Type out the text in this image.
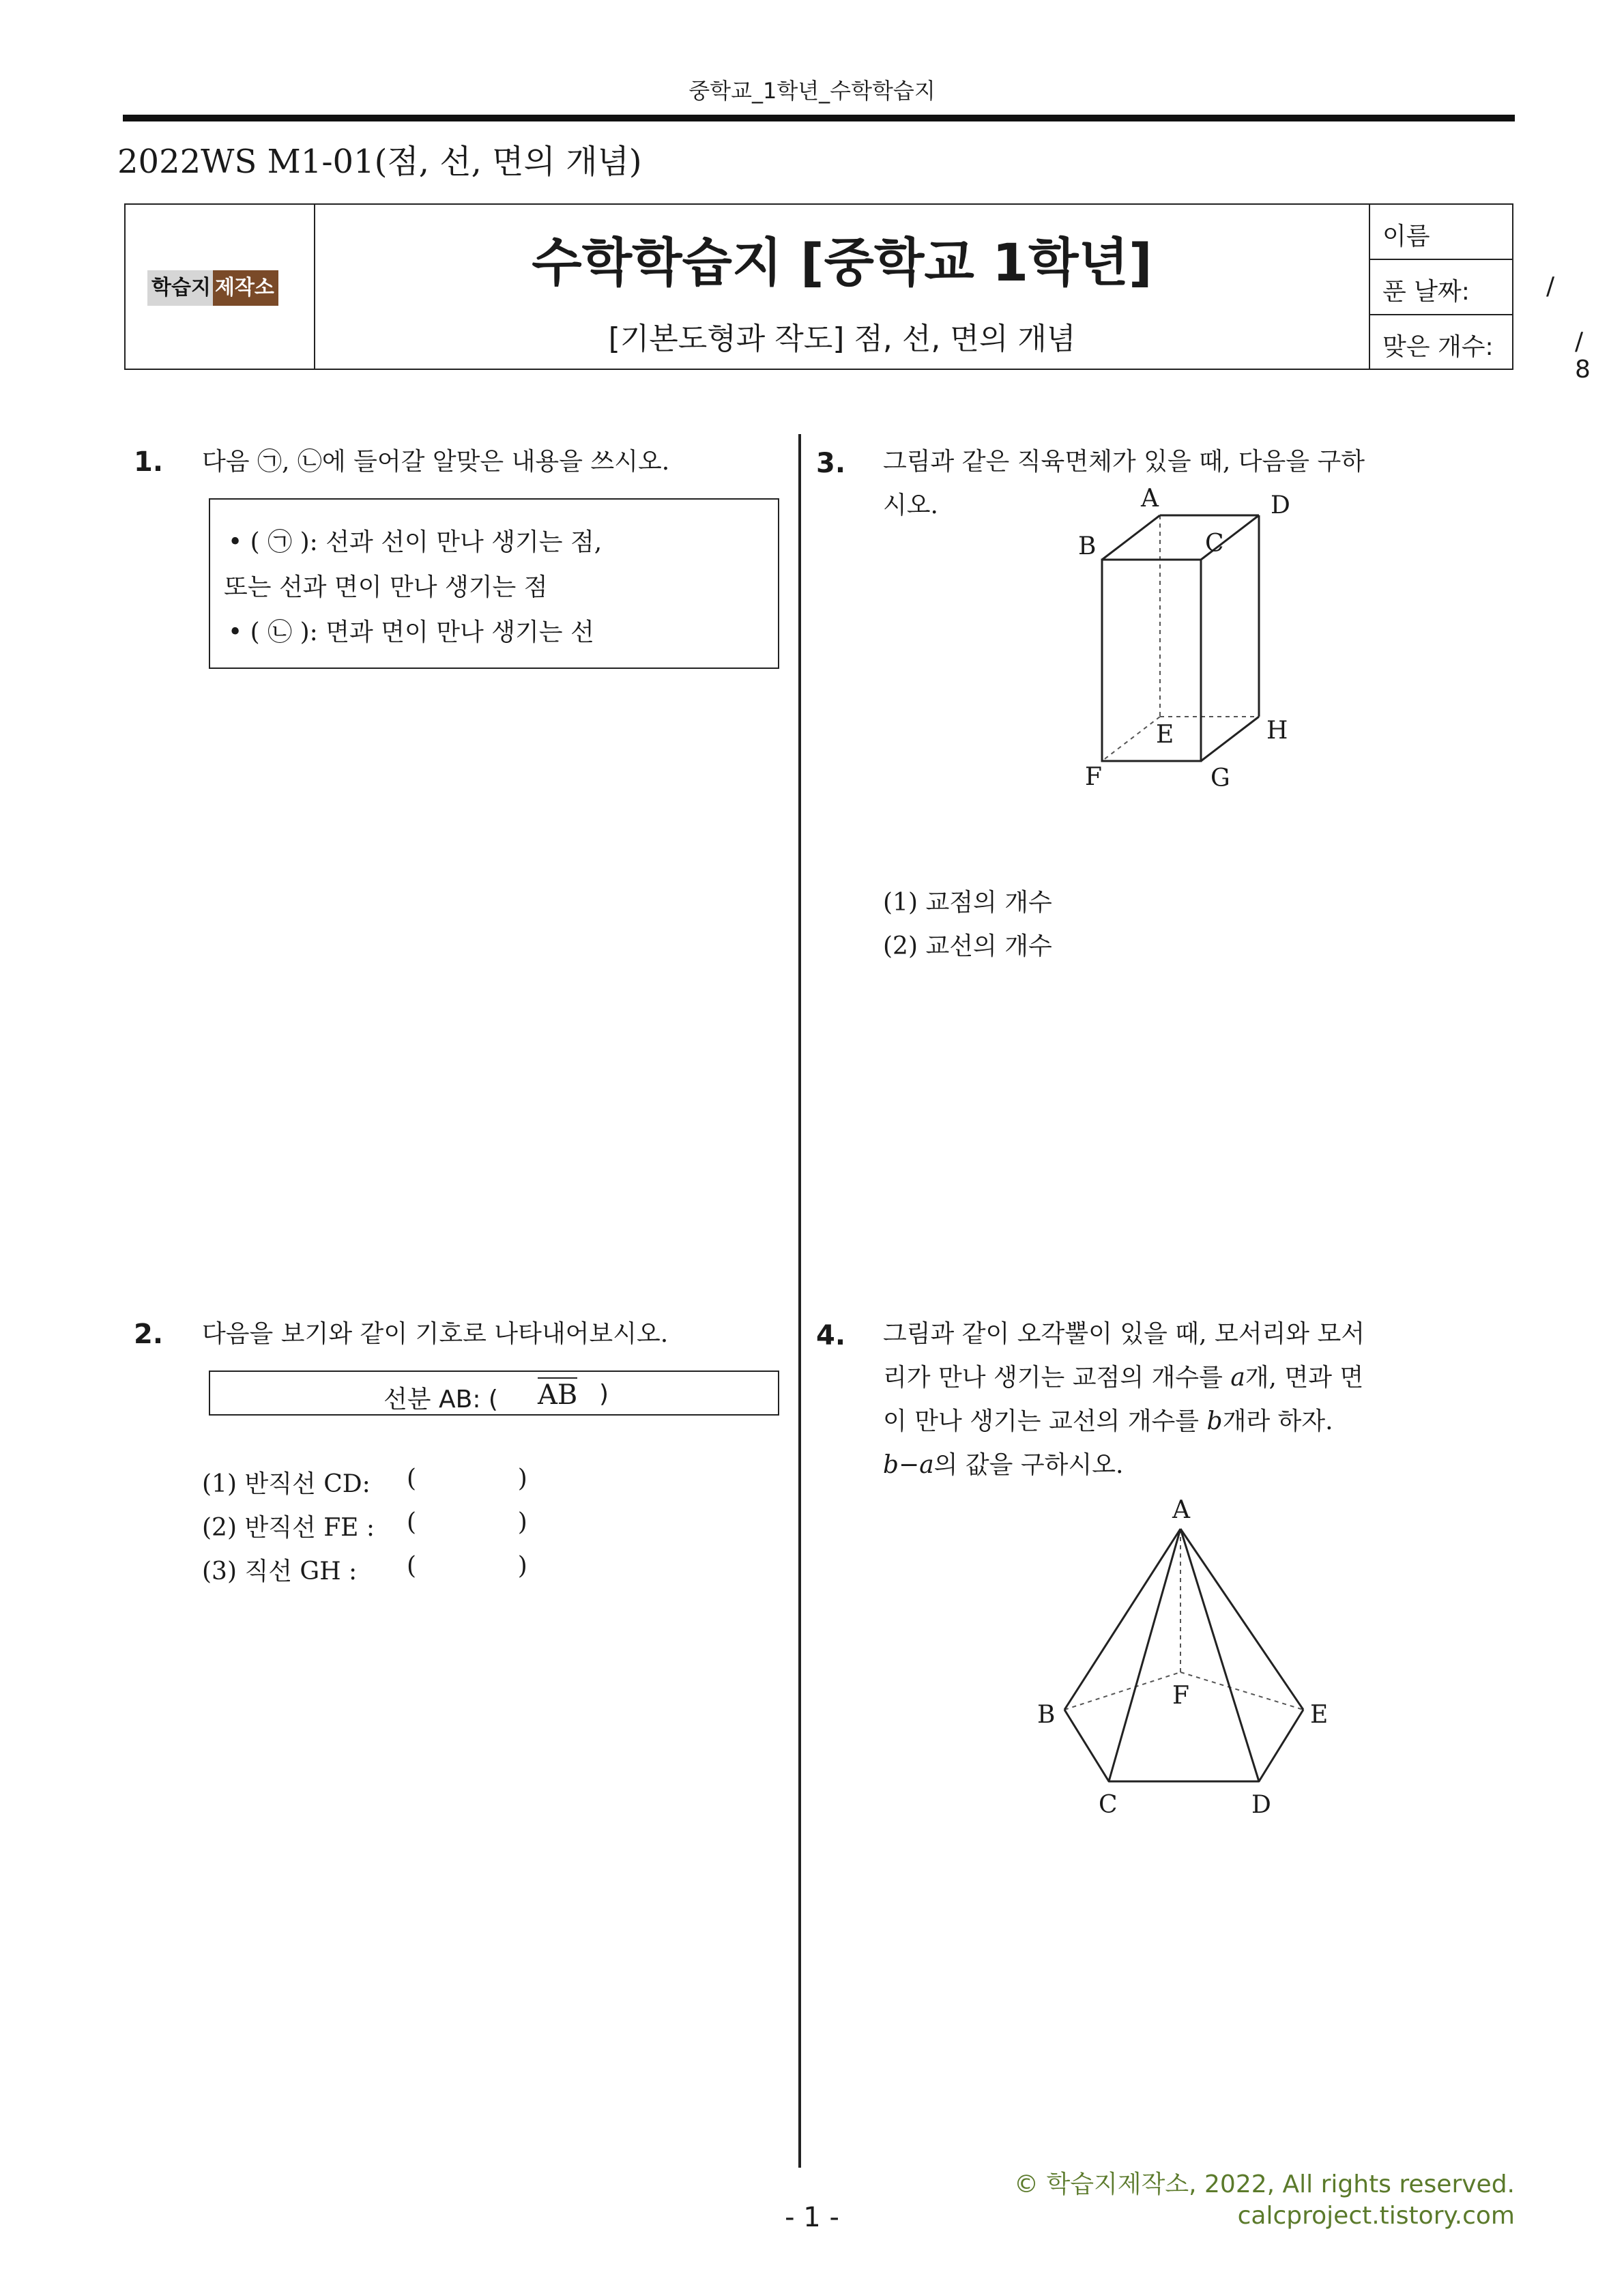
중학교_1학년_수학학습지
2022WS M1-01(점, 선, 면의 개념)
학습지 제작소	수학학습지 [중학교 1학년]
[기본도형과 작도] 점, 선, 면의 개념
이름
푼 날짜:	/
맞은 개수:	/ 8
1. 다음 ㉠, ㉡에 들어갈 알맞은 내용을 쓰시오.
• ( ㉠ ): 선과 선이 만나 생기는 점,
또는 선과 면이 만나 생기는 점
• ( ㉡ ): 면과 면이 만나 생기는 선
2. 다음을 보기와 같이 기호로 나타내어보시오.
선분 AB: ( AB )
(1) 반직선 CD: (             )
(2) 반직선 FE : (             )
(3) 직선 GH : (             )
3. 그림과 같은 직육면체가 있을 때, 다음을 구하
시오.	A	D
B	C
E	H
F	G
(1) 교점의 개수
(2) 교선의 개수
4. 그림과 같이 오각뿔이 있을 때, 모서리와 모서
리가 만나 생기는 교점의 개수를 a개, 면과 면
이 만나 생기는 교선의 개수를 b개라 하자.
b−a의 값을 구하시오.
A
F
B	E
C	D
© 학습지제작소, 2022, All rights reserved.
calcproject.tistory.com
- 1 -
